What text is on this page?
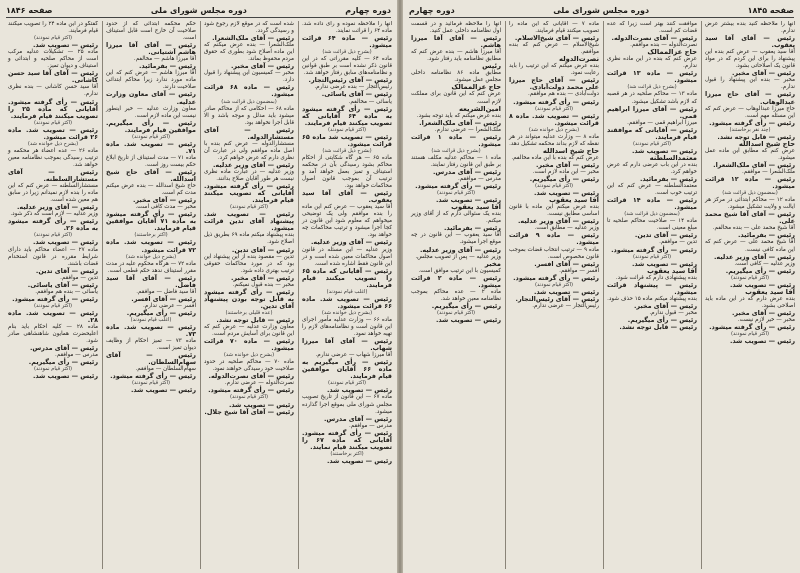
دوره چهارم
دوره مجلس شورای ملی
صفحه ۱۸۴۶

آنها را ملاحظه نموده و رأی داده شد. ماده ۶۴ را قرائت نمایند.

رئیس — ماده ۶۴ قرائت میشود.

(بشرح ذیل قرائت شد)

ماده ۶۴ — کلیه مقرراتی که در این قانون ذکر نشده است بر طبق قوانین و نظامنامه‌های سابق رفتار خواهد شد.

رئیس — آقای رئیس‌التجار.

رئیس‌التجار — بنده عرضی ندارم.

رئیس — آقای یاسائی.

یاسائی — مخالفم.

رئیس — رأی گرفته میشود به ماده ۶۴ آقایانی که تصویب میکنند قیام فرمایند.

(اکثر قیام نمودند)

رئیس — تصویب شد ماده ۶۵ قرائت میشود.

(بشرح ذیل قرائت شد)

ماده ۶۵ — هر گاه شکایتی از احکام محاکم بشود رسیدگی بآن در محکمه استیناف و تمیز بعمل خواهد آمد و ترتیب آن بموجب قانون اصول محاکمات خواهد بود.

رئیس — آقای آقا سید یعقوب.

آقا سید یعقوب — عرض کنم این ماده را بنده موافقم ولی یک توضیحی میخواهم که معلوم شود این قانون در کجا اجرا میشود و ترتیب محاکمات چه خواهد بود.

رئیس — آقای وزیر عدلیه.

وزیر عدلیه — این مسئله در قانون اصول محاکمات معین شده است و در این قانون فقط اشاره شده است.

رئیس — آقایانی که ماده ۶۵ را تصویب میکنند قیام فرمایند.

(اغلب قیام نمودند)

رئیس — تصویب شد. ماده ۶۶ قرائت میشود.

(بشرح ذیل خوانده شد)

ماده ۶۶ — وزارت عدلیه مأمور اجرای این قانون است و نظامنامه‌های لازم را تهیه خواهد نمود.

رئیس — آقای آقا میرزا شهاب.

آقا میرزا شهاب — عرضی ندارم.

رئیس — رأی میگیریم به ماده ۶۶ آقایان موافقین قیام فرمایند.

(اکثر قیام نمودند)

رئیس — تصویب شد.

ماده ۶۷ — این قانون از تاریخ تصویب مجلس شورای ملی بموقع اجرا گذارده میشود.

رئیس — آقای مدرس.

مدرس — موافقم.

رئیس — رأی گرفته میشود. آقایانی که ماده ۶۷ را تصویب میکنند قیام نمایند.

(اکثر برخاستند)

رئیس — تصویب شد.

شده است که در موقع لازم رجوع شود و رسیدگی گردد.

رئیس — آقای ملک‌الشعرا.

ملک‌الشعرا — بنده عرض میکنم که این ماده اصلاح شود بطوری که حقوق مردم محفوظ بماند.

رئیس — آقای مخبر.

مخبر — کمیسیون این پیشنهاد را قبول دارد.

رئیس — ماده ۶۸ قرائت میشود.

(بمضمون ذیل قرائت شد)

ماده ۶۸ — احکامی که از محاکم صادر میشود باید مدلل و موجه باشد و الا قابل اجرا نخواهد بود.

رئیس — آقای مستشار‌الدوله.

مستشار‌الدوله — عرض کنم بنده با اصل ماده موافقم ولی در عبارت آن نظری دارم که عرض خواهم کرد.

رئیس — آقای وزیر عدلیه.

وزیر عدلیه — در عبارت ماده نظری نیست هر طور آقایان صلاح بدانند.

رئیس — رأی گرفته میشود. آقایانی که تصویب میکنند قیام فرمایند.

(اکثر قیام نمودند)

رئیس — تصویب شد. پیشنهاد آقای تدین قرائت میشود.

بنده پیشنهاد میکنم ماده ۶۹ بطریق ذیل اصلاح شود.

رئیس — آقای تدین.

تدین — مقصود بنده از این پیشنهاد این بود که در مورد محاکمات حقوقی ترتیب بهتری داده شود.

رئیس — آقای مخبر.

مخبر — بنده قبول نمیکنم.

رئیس — رأی گرفته میشود به قابل توجه بودن پیشنهاد آقای تدین.

(عده قلیلی برخاستند)

رئیس — قابل توجه نشد.

معاون وزارت عدلیه — عرض کنم که این قانون برای آسایش مردم است.

رئیس — ماده ۷۰ قرائت میشود.

(بشرح ذیل خوانده شد)

ماده ۷۰ — محاکم صلحیه در حدود صلاحیت خود رسیدگی خواهند نمود.

رئیس — آقای نصرت‌الدوله.

نصرت‌الدوله — عرضی ندارم.

رئیس — رأی گرفته میشود.

(اکثر قیام نمودند)

رئیس — تصویب شد.

رئیس — آقای آقا شیخ جلال.

حکم محکمه ابتدائی که از حدود صلاحیت آن خارج است قابل استیناف است.

رئیس — آقای آقا میرزا هاشم آشتیانی.

آقا میرزا هاشم — مخالفم.

رئیس — بفرمائید.

آقا میرزا هاشم — عرض کنم که این ماده مورد ندارد زیرا محاکم ابتدائی صلاحیت دارند.

رئیس — آقای معاون وزارت عدلیه.

معاون وزارت عدلیه — خیر اینطور نیست این ماده لازم است.

رئیس — رأی میگیریم. موافقین قیام فرمایند.

(اکثر قیام نمودند)

رئیس — تصویب شد. ماده ۷۱.

ماده ۷۱ — مدت استیناف از تاریخ ابلاغ حکم بیست روز است.

رئیس — آقای حاج شیخ اسدالله.

حاج شیخ اسدالله — بنده عرض میکنم مدت کم است.

رئیس — آقای مخبر.

مخبر — مدت کافی است.

رئیس — رأی گرفته میشود به ماده ۷۱ آقایان موافقین قیام فرمایند.

(اکثر برخاستند)

رئیس — تصویب شد. ماده ۷۲ قرائت میشود.

(بشرح ذیل خوانده شد)

ماده ۷۲ — هرگاه محکوم علیه در مدت مقرر استیناف ندهد حکم قطعی است.

رئیس — آقای آقا سید فاضل.

آقا سید فاضل — موافقم.

رئیس — آقای افسر.

افسر — عرضی ندارم.

رئیس — رأی میگیریم.

(اغلب قیام نمودند)

رئیس — تصویب شد. ماده ۷۳.

ماده ۷۳ — تمیز احکام از وظایف دیوان تمیز است.

رئیس — آقای سهام‌السلطان.

سهام‌السلطان — موافقم.

رئیس — رأی گرفته میشود.

(اکثر قیام نمودند)

رئیس — تصویب شد.

گفتگو در این ماده ۲۴ را تصویب میکنند قیام فرمایند.

(اکثر قیام نمودند)

رئیس — تصویب شد.

ماده ۲۵ — تشکیلات عدلیه مرکب است از محاکم صلحیه و ابتدائی و استیناف و دیوان تمیز.

رئیس — آقای آقا سید حسن کاشانی.

آقا سید حسن کاشانی — بنده نظری ندارم.

رئیس — رأی گرفته میشود. آقایانی که ماده ۲۵ را تصویب میکنند قیام فرمایند.

(اکثر قیام نمودند)

رئیس — تصویب شد. ماده ۲۶ قرائت میشود.

(بشرح ذیل خوانده شد)

ماده ۲۶ — عده اعضاء هر محکمه و ترتیب رسیدگی بموجب نظامنامه معین خواهد شد.

رئیس — آقای مستشار‌السلطنه.

مستشار‌السلطنه — عرض کنم که این ماده را بنده لازم نمیدانم زیرا در سابق هم معین شده است.

رئیس — آقای وزیر عدلیه.

وزیر عدلیه — لازم است که ذکر شود.

رئیس — رأی گرفته میشود به ماده ۲۶.

(اکثر قیام نمودند)

رئیس — تصویب شد.

ماده ۲۷ — اعضاء محاکم باید دارای شرایط مقرره در قانون استخدام قضات باشند.

رئیس — آقای تدین.

تدین — موافقم.

رئیس — آقای یاسائی.

یاسائی — بنده هم موافقم.

رئیس — رأی گرفته میشود.

(اکثر قیام نمودند)

رئیس — تصویب شد. ماده ۲۸.

ماده ۲۸ — کلیه احکام باید بنام اعلیحضرت همایون شاهنشاهی صادر شود.

رئیس — آقای مدرس.

مدرس — موافقم.

رئیس — رأی میگیریم.

(اکثر قیام نمودند)

رئیس — تصویب شد.

صفحه ۱۸۴۵
دوره مجلس شورای ملی
دوره چهارم

آنها را ملاحظه کنید بنده بیشتر عرض ندارم.

رئیس — آقای آقا سید یعقوب.

آقا سید یعقوب — عرض کنم بنده این پیشنهاد را برای این کردم که در مواد قانون یک اصلاحاتی بشود.

رئیس — آقای مخبر.

مخبر — بنده این پیشنهاد را قبول ندارم.

رئیس — آقای حاج میرزا عبدالوهاب.

حاج میرزا عبدالوهاب — عرض کنم که این مسئله مهم است.

رئیس — رأی گرفته میشود.

(چند نفر برخاستند)

رئیس — قابل توجه نشد.

حاج شیخ اسدالله

عرض کنم که مطابق این ماده عمل میشود.

رئیس — آقای ملک‌الشعرا.

ملک‌الشعرا — موافقم.

رئیس — ماده ۱۲ قرائت میشود.

(بمضمون ذیل قرائت شد)

ماده ۱۲ — محاکم ابتدائی در مرکز هر ایالت و ولایت تشکیل میشود.

رئیس — آقای آقا شیخ محمد علی.

آقا شیخ محمد علی — بنده مخالفم.

رئیس — بفرمائید.

آقا شیخ محمد علی — عرض کنم که این ماده کافی نیست.

رئیس — آقای وزیر عدلیه.

وزیر عدلیه — کافی است.

رئیس — رأی میگیریم.

(اکثر قیام نمودند)

رئیس — تصویب شد.

آقا سید یعقوب

بنده عرض دارم که در این ماده باید اصلاحی بشود.

رئیس — آقای مخبر.

مخبر — خیر لازم نیست.

رئیس — رأی گرفته میشود.

(اکثر قیام نمودند)

رئیس — تصویب شد.

موافقت کنند بهتر است زیرا که عده قضات کم است.

رئیس — آقای نصرت‌الدوله.

نصرت‌الدوله — بنده موافقم.

حاج عزالممالک

عرض کنم که بنده در این ماده نظری ندارم.

رئیس — ماده ۱۳ قرائت میشود.

(بشرح ذیل قرائت شد)

ماده ۱۳ — محاکم صلحیه در هر قصبه که لازم باشد تشکیل میشود.

رئیس — آقای میرزا ابراهیم قمی.

میرزا ابراهیم قمی — موافقم.

رئیس — آقایانی که موافقند قیام فرمایند.

(اکثر قیام نمودند)

رئیس — تصویب شد.

معتمد‌السلطنه

بنده در این باب عرضی دارم که عرض خواهم کرد.

رئیس — بفرمائید.

معتمد‌السلطنه — عرض کنم که این ترتیب خوب است.

رئیس — ماده ۱۴ قرائت میشود.

(بمضمون ذیل قرائت شد)

ماده ۱۴ — صلاحیت محاکم صلحیه تا مبلغ معینی است.

رئیس — آقای تدین.

تدین — موافقم.

رئیس — رأی گرفته میشود.

(اکثر قیام نمودند)

رئیس — تصویب شد.

آقا سید یعقوب

بنده پیشنهادی دارم که قرائت شود.

رئیس — پیشنهاد قرائت میشود.

بنده پیشنهاد میکنم ماده ۱۵ حذف شود.

رئیس — آقای مخبر.

مخبر — قبول ندارم.

رئیس — رأی میگیریم.

رئیس — قابل توجه نشد.

ماده ۷ — آقایانی که این ماده را تصویب میکنند قیام فرمایند.

رئیس — آقای شیخ‌الاسلام.

شیخ‌الاسلام — عرض کنم که بنده موافقم.

نصرت‌الدوله

بنده عرض میکنم که این ترتیب را باید رعایت نمود.

رئیس — آقای حاج میرزا علی محمد دولت‌آبادی.

دولت‌آبادی — بنده هم موافقم.

رئیس — رأی گرفته میشود.

(اکثر قیام نمودند)

رئیس — تصویب شد. ماده ۸ قرائت میشود.

(بشرح ذیل خوانده شد)

ماده ۸ — وزارت عدلیه میتواند در هر نقطه که لازم بداند محکمه تشکیل دهد.

حاج شیخ اسدالله

عرض کنم که بنده با این ماده مخالفم.

رئیس — آقای مخبر.

مخبر — این ماده لازم است.

رئیس — رأی میگیریم.

(اکثر قیام نمودند)

رئیس — تصویب شد.

آقا سید یعقوب

بنده عرض میکنم این ماده با قانون اساسی مطابق نیست.

رئیس — آقای وزیر عدلیه.

وزیر عدلیه — مطابق است.

رئیس — ماده ۹ قرائت میشود.

ماده ۹ — ترتیب انتخاب قضات بموجب قانون مخصوص است.

رئیس — آقای افسر.

افسر — موافقم.

رئیس — رأی گرفته میشود.

(اکثر قیام نمودند)

رئیس — تصویب شد.

رئیس — آقای رئیس‌التجار.

رئیس‌التجار — عرضی ندارم.

آنها را ملاحظه فرمائید و در قسمت اول نظامنامه داخلی عمل کنید.

رئیس — آقای آقا میرزا هاشم.

آقا میرزا هاشم — بنده عرض کنم که مطابق نظامنامه باید رفتار شود.

رئیس

مطابق ماده ۸۶ نظامنامه داخلی مجلس عمل میشود.

حاج عزالممالک

عرض کنم که این قانون برای مملکت لازم است.

امین‌الشریعه

بنده عرض میکنم که باید توجه بشود.

رئیس — آقای ملک‌الشعرا.

ملک‌الشعرا — عرضی ندارم.

رئیس — ماده ۱ قرائت میشود.

(بشرح ذیل قرائت شد)

ماده ۱ — محاکم عدلیه مکلف هستند بر طبق این قانون رفتار نمایند.

رئیس — آقای مدرس.

مدرس — موافقم.

رئیس — رأی گرفته میشود.

(اکثر قیام نمودند)

رئیس — تصویب شد.

آقا سید یعقوب

بنده یک سئوالی دارم که از آقای وزیر میکنم.

رئیس — بفرمائید.

آقا سید یعقوب — این قانون در چه موقع اجرا میشود.

رئیس — آقای وزیر عدلیه.

وزیر عدلیه — پس از تصویب مجلس.

مخبر

کمیسیون با این ترتیب موافق است.

رئیس — ماده ۲ قرائت میشود.

ماده ۲ — عده محاکم بموجب نظامنامه معین خواهد شد.

رئیس — رأی میگیریم.

(اکثر قیام نمودند)

رئیس — تصویب شد.
